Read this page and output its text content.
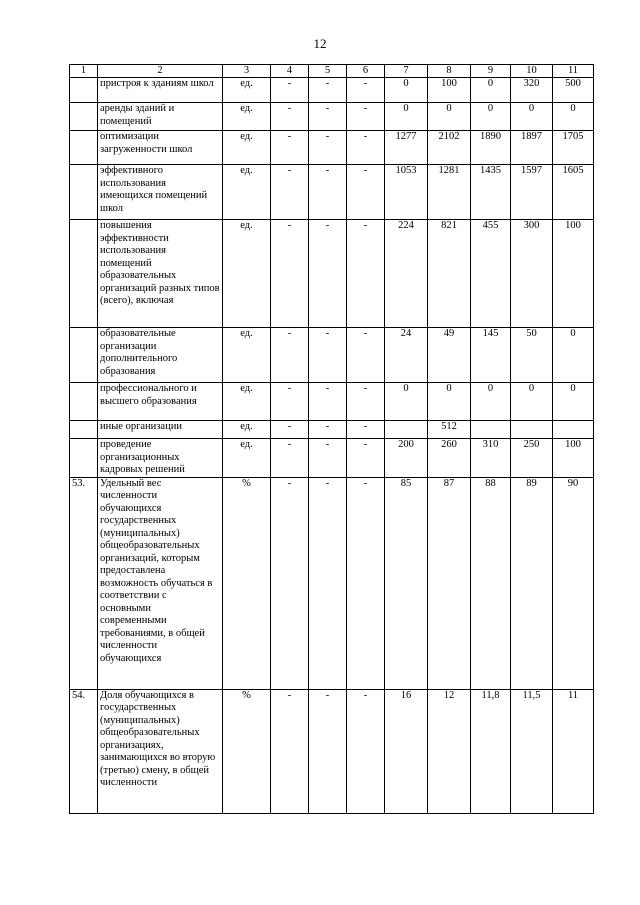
12
1	2	3	4	5	6	7	8	9	10	11
	пристроя к зданиям школ	ед.	-	-	-	0	100	0	320	500
	аренды зданий и помещений	ед.	-	-	-	0	0	0	0	0
	оптимизации загруженности школ	ед.	-	-	-	1277	2102	1890	1897	1705
	эффективного использования имеющихся помещений школ	ед.	-	-	-	1053	1281	1435	1597	1605
	повышения эффективности использования помещений образовательных организаций разных типов (всего), включая	ед.	-	-	-	224	821	455	300	100
	образовательные организации дополнительного образования	ед.	-	-	-	24	49	145	50	0
	профессионального и высшего образования	ед.	-	-	-	0	0	0	0	0
	иные организации	ед.	-	-	-		512			
	проведение организационных кадровых решений	ед.	-	-	-	200	260	310	250	100
53.	Удельный вес численности обучающихся государственных (муниципальных) общеобразовательных организаций, которым предоставлена возможность обучаться в соответствии с основными современными требованиями, в общей численности обучающихся	%	-	-	-	85	87	88	89	90
54.	Доля обучающихся в государственных (муниципальных) общеобразовательных организациях, занимающихся во вторую (третью) смену, в общей численности	%	-	-	-	16	12	11,8	11,5	11
